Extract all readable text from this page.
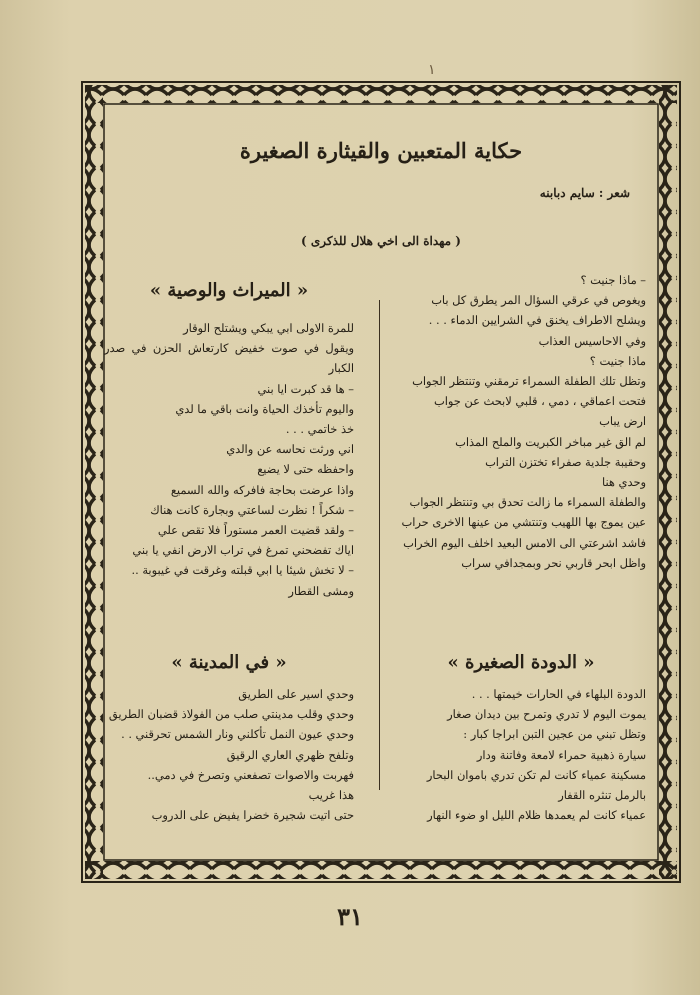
١
حكاية المتعبين والقيثارة الصغيرة
شعر : سايم دبابنه
( مهداة الى اخي هلال للذكرى )

– ماذا جنيت ؟

ويغوص في عرقي السؤال المر يطرق كل باب

ويشلح الاطراف يخنق في الشرايين الدماء . . .

وفي الاحاسيس العذاب

ماذا جنيت ؟

وتظل تلك الطفلة السمراء ترمقني وتنتظر الجواب

فتحت اعماقي ، دمي ، قلبي لابحث عن جواب

ارض يباب

لم الق غير مباخر الكبريت والملح المذاب

وحقيبة جلدية صفراء تختزن التراب

وحدي هنا

والطفلة السمراء ما زالت تحدق بي وتنتظر الجواب

عين يموج بها اللهيب وتنتشي من عينها الاخرى حراب

فاشد اشرعتي الى الامس البعيد اخلف اليوم الخراب

واظل ابحر قاربي نحر وبمجدافي سراب

« الميراث والوصية »

للمرة الاولى ابي يبكي ويشتلح الوقار

ويقول في صوت خفيض كارتعاش الحزن في صدر الكبار

– ها قد كبرت ايا بني

واليوم تأخذك الحياة وانت باقي ما لدي

خذ خاتمي . . .

اني ورثت نحاسه عن والدي

واحفظه حتى لا يضيع

واذا عرضت بحاجة فافركه والله السميع

– شكراً ! نظرت لساعتي وبجارة كانت هناك

– ولقد قضيت العمر مستوراً فلا تقص علي

اياك تفضحني تمرغ في تراب الارض انفي يا بني

– لا تخش شيئا يا ابي قبلته وغرقت في غيبوبة ..

ومشى القطار

« في المدينة »

وحدي اسير على الطريق

وحدي وقلب مدينتي صلب من الفولاذ قضبان الطريق

وحدي عيون النمل تأكلني ونار الشمس تحرقني . .

وتلفح ظهري العاري الرقيق

فهربت والاصوات تصفعني وتصرخ في دمي..

هذا غريب

حتى اتيت شجيرة خضرا يفيض على الدروب

« الدودة الصغيرة »

الدودة البلهاء في الحارات خيمتها . . .

يموت اليوم لا تدري وتمرح بين ديدان صغار

وتظل تبني من عجين التبن ابراجا كبار :

سيارة ذهبية حمراء لامعة وفاتنة ودار

مسكينة عمياء كانت لم تكن تدري باموان البحار

بالرمل تنثره القفار

عمياء كانت لم يعمدها ظلام الليل او ضوء النهار

٣١
